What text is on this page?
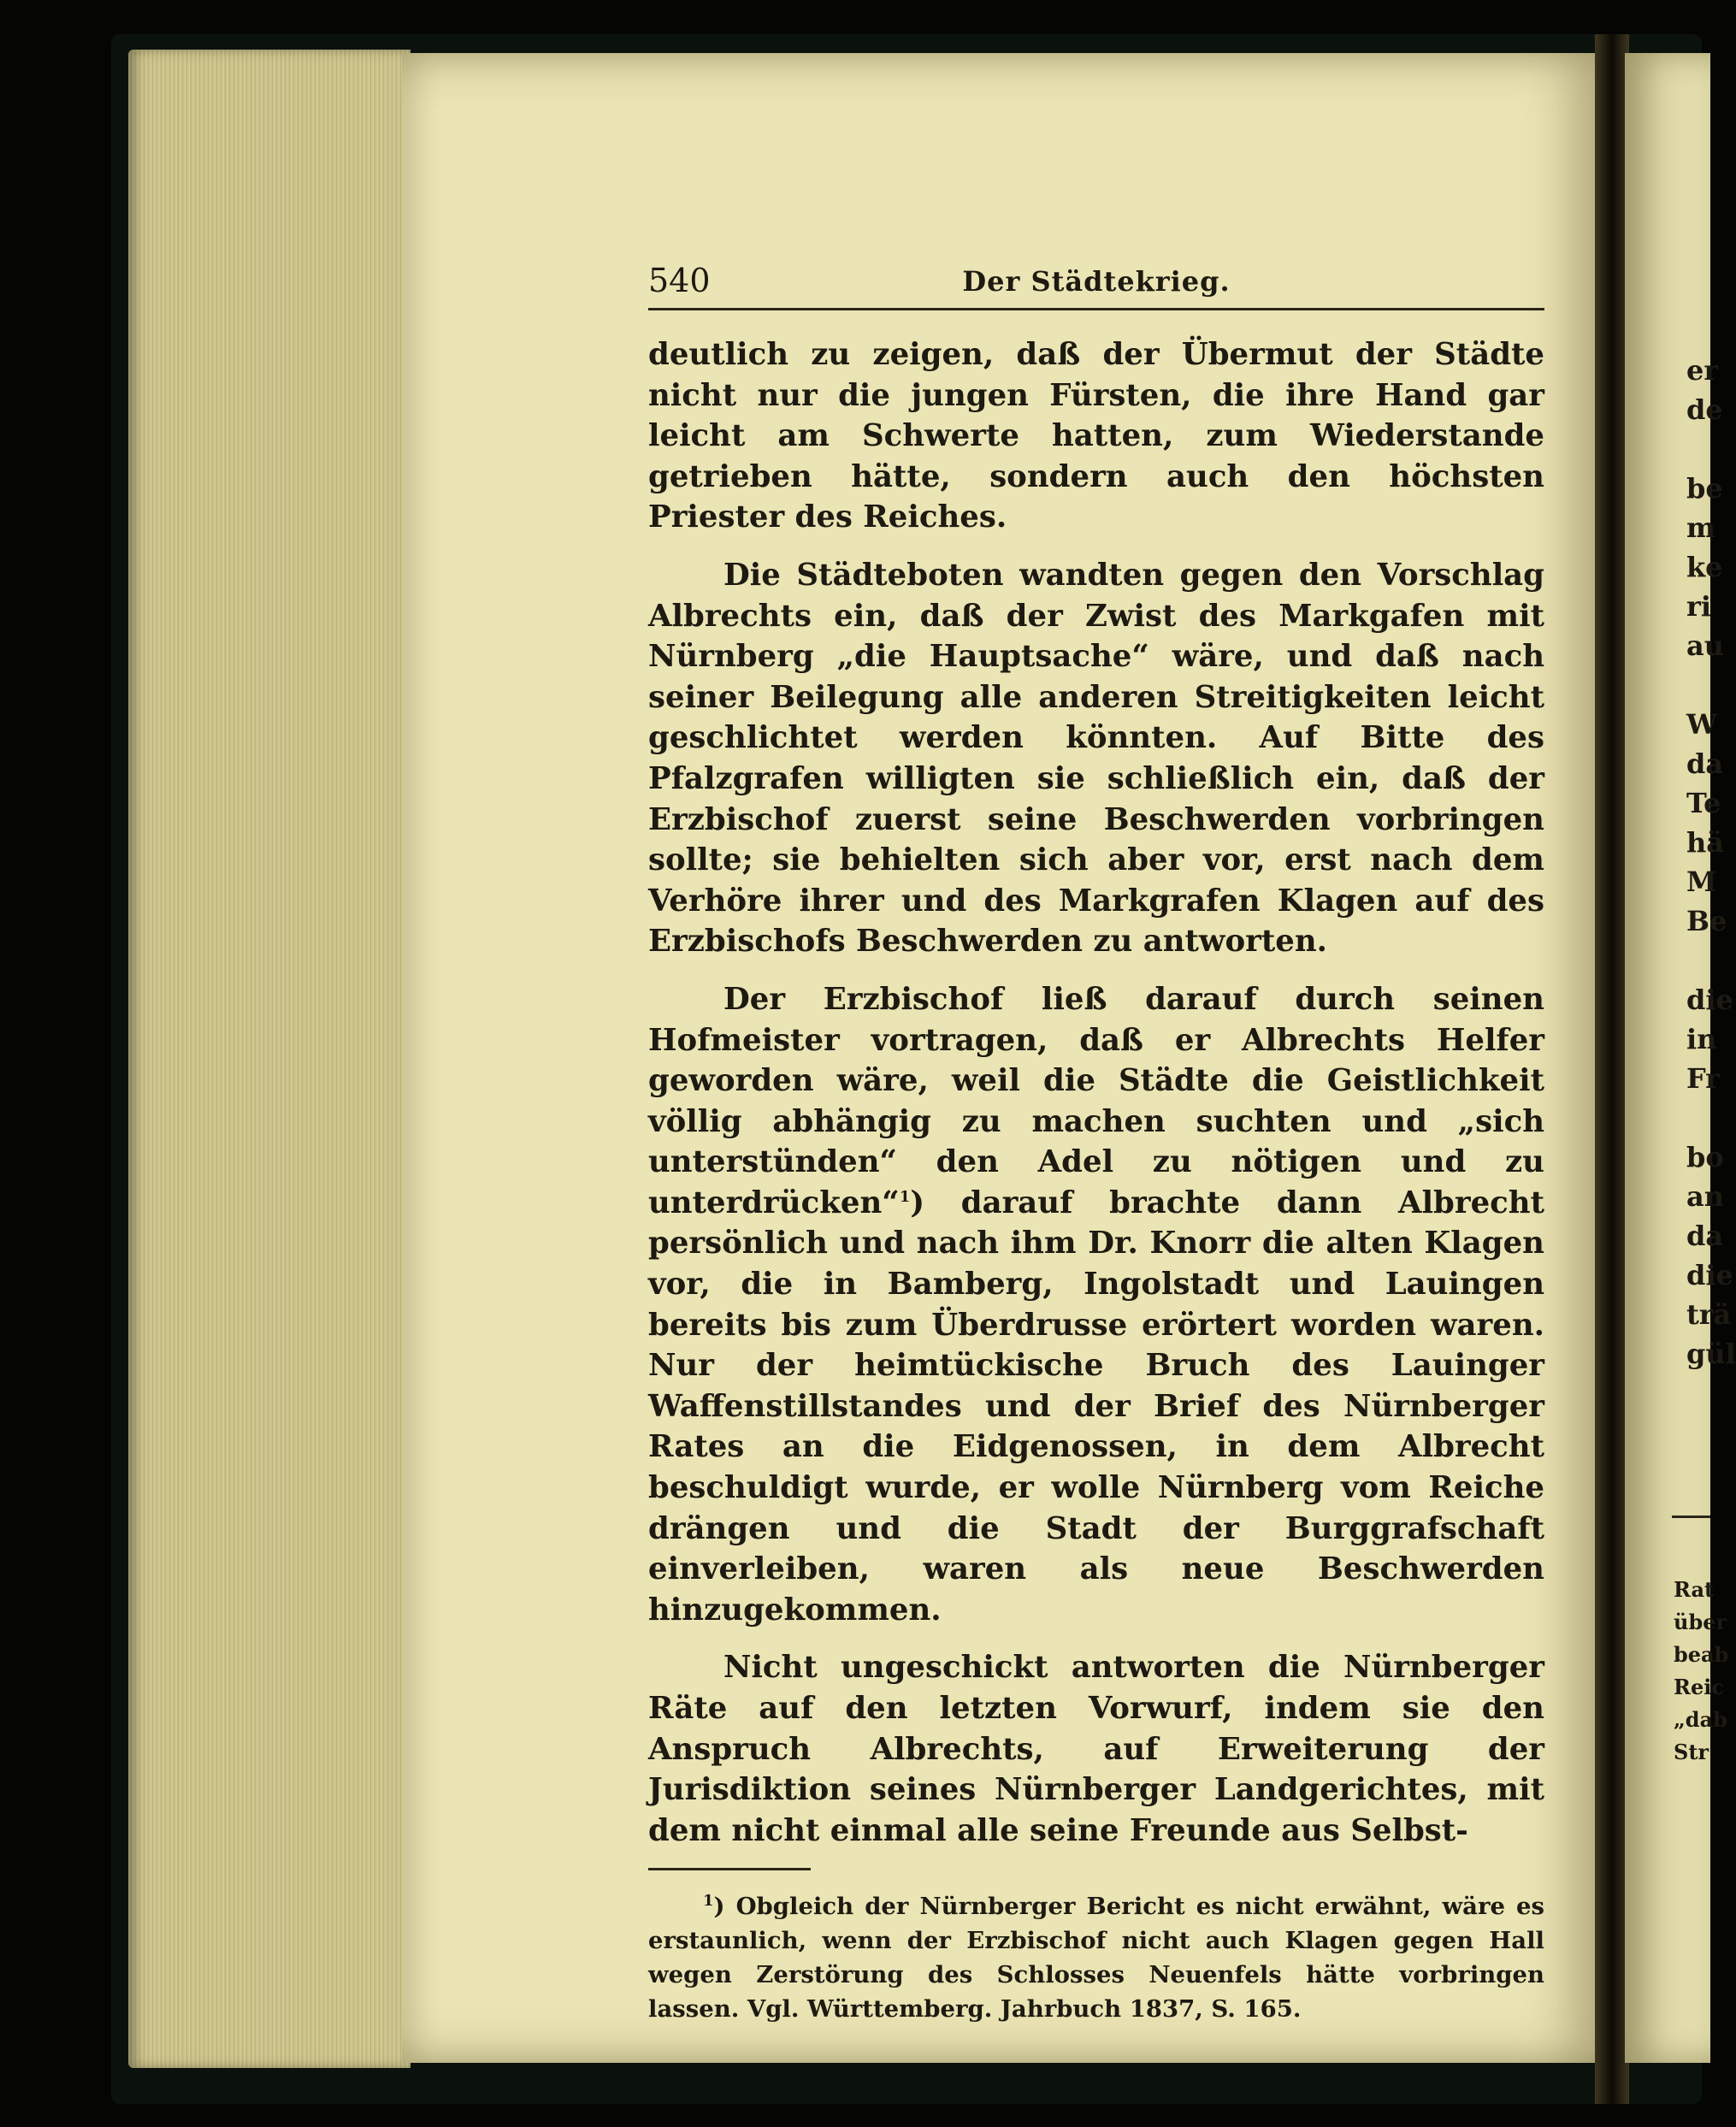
540	Der Städtekrieg.

deutlich zu zeigen, daß der Übermut der Städte nicht nur die jungen Fürsten, die ihre Hand gar leicht am Schwerte hatten, zum Wiederstande getrieben hätte, sondern auch den höchsten Priester des Reiches.

Die Städteboten wandten gegen den Vorschlag Albrechts ein, daß der Zwist des Markgafen mit Nürnberg „die Hauptsache“ wäre, und daß nach seiner Beilegung alle anderen Streitigkeiten leicht geschlichtet werden könnten. Auf Bitte des Pfalzgrafen willigten sie schließlich ein, daß der Erzbischof zuerst seine Beschwerden vorbringen sollte; sie behielten sich aber vor, erst nach dem Verhöre ihrer und des Markgrafen Klagen auf des Erzbischofs Beschwerden zu antworten.

Der Erzbischof ließ darauf durch seinen Hofmeister vortragen, daß er Albrechts Helfer geworden wäre, weil die Städte die Geistlichkeit völlig abhängig zu machen suchten und „sich unterstünden“ den Adel zu nötigen und zu unterdrücken“$^1$) darauf brachte dann Albrecht persönlich und nach ihm Dr. Knorr die alten Klagen vor, die in Bamberg, Ingolstadt und Lauingen bereits bis zum Überdrusse erörtert worden waren. Nur der heimtückische Bruch des Lauinger Waffenstillstandes und der Brief des Nürnberger Rates an die Eidgenossen, in dem Albrecht beschuldigt wurde, er wolle Nürnberg vom Reiche drängen und die Stadt der Burggrafschaft einverleiben, waren als neue Beschwerden hinzugekommen.

Nicht ungeschickt antworten die Nürnberger Räte auf den letzten Vorwurf, indem sie den Anspruch Albrechts, auf Erweiterung der Jurisdiktion seines Nürnberger Landgerichtes, mit dem nicht einmal alle seine Freunde aus Selbst-

$^1$) Obgleich der Nürnberger Bericht es nicht erwähnt, wäre es erstaunlich, wenn der Erzbischof nicht auch Klagen gegen Hall wegen Zerstörung des Schlosses Neuenfels hätte vorbringen lassen. Vgl. Württemberg. Jahrbuch 1837, S. 165.

er
de

be
m
ke
ri
au

W
da
Te
hä
M
Be

die
in
Fr

bo
an
da
die
trä
gül
Rat
über
beab
Reic
„dab
Str
